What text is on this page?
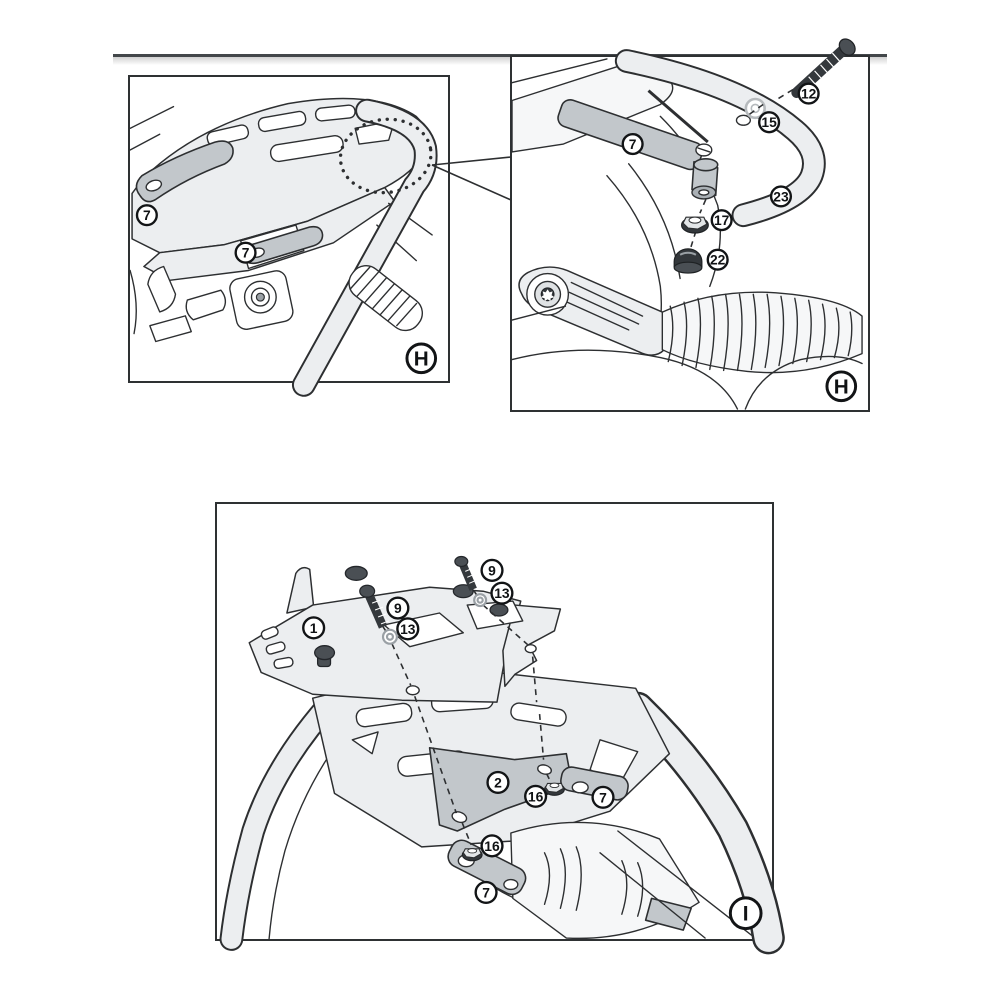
7
7
H
12
15
7
23
17
22
H
1
9
13
9
13
2
16
16
7
7
I
